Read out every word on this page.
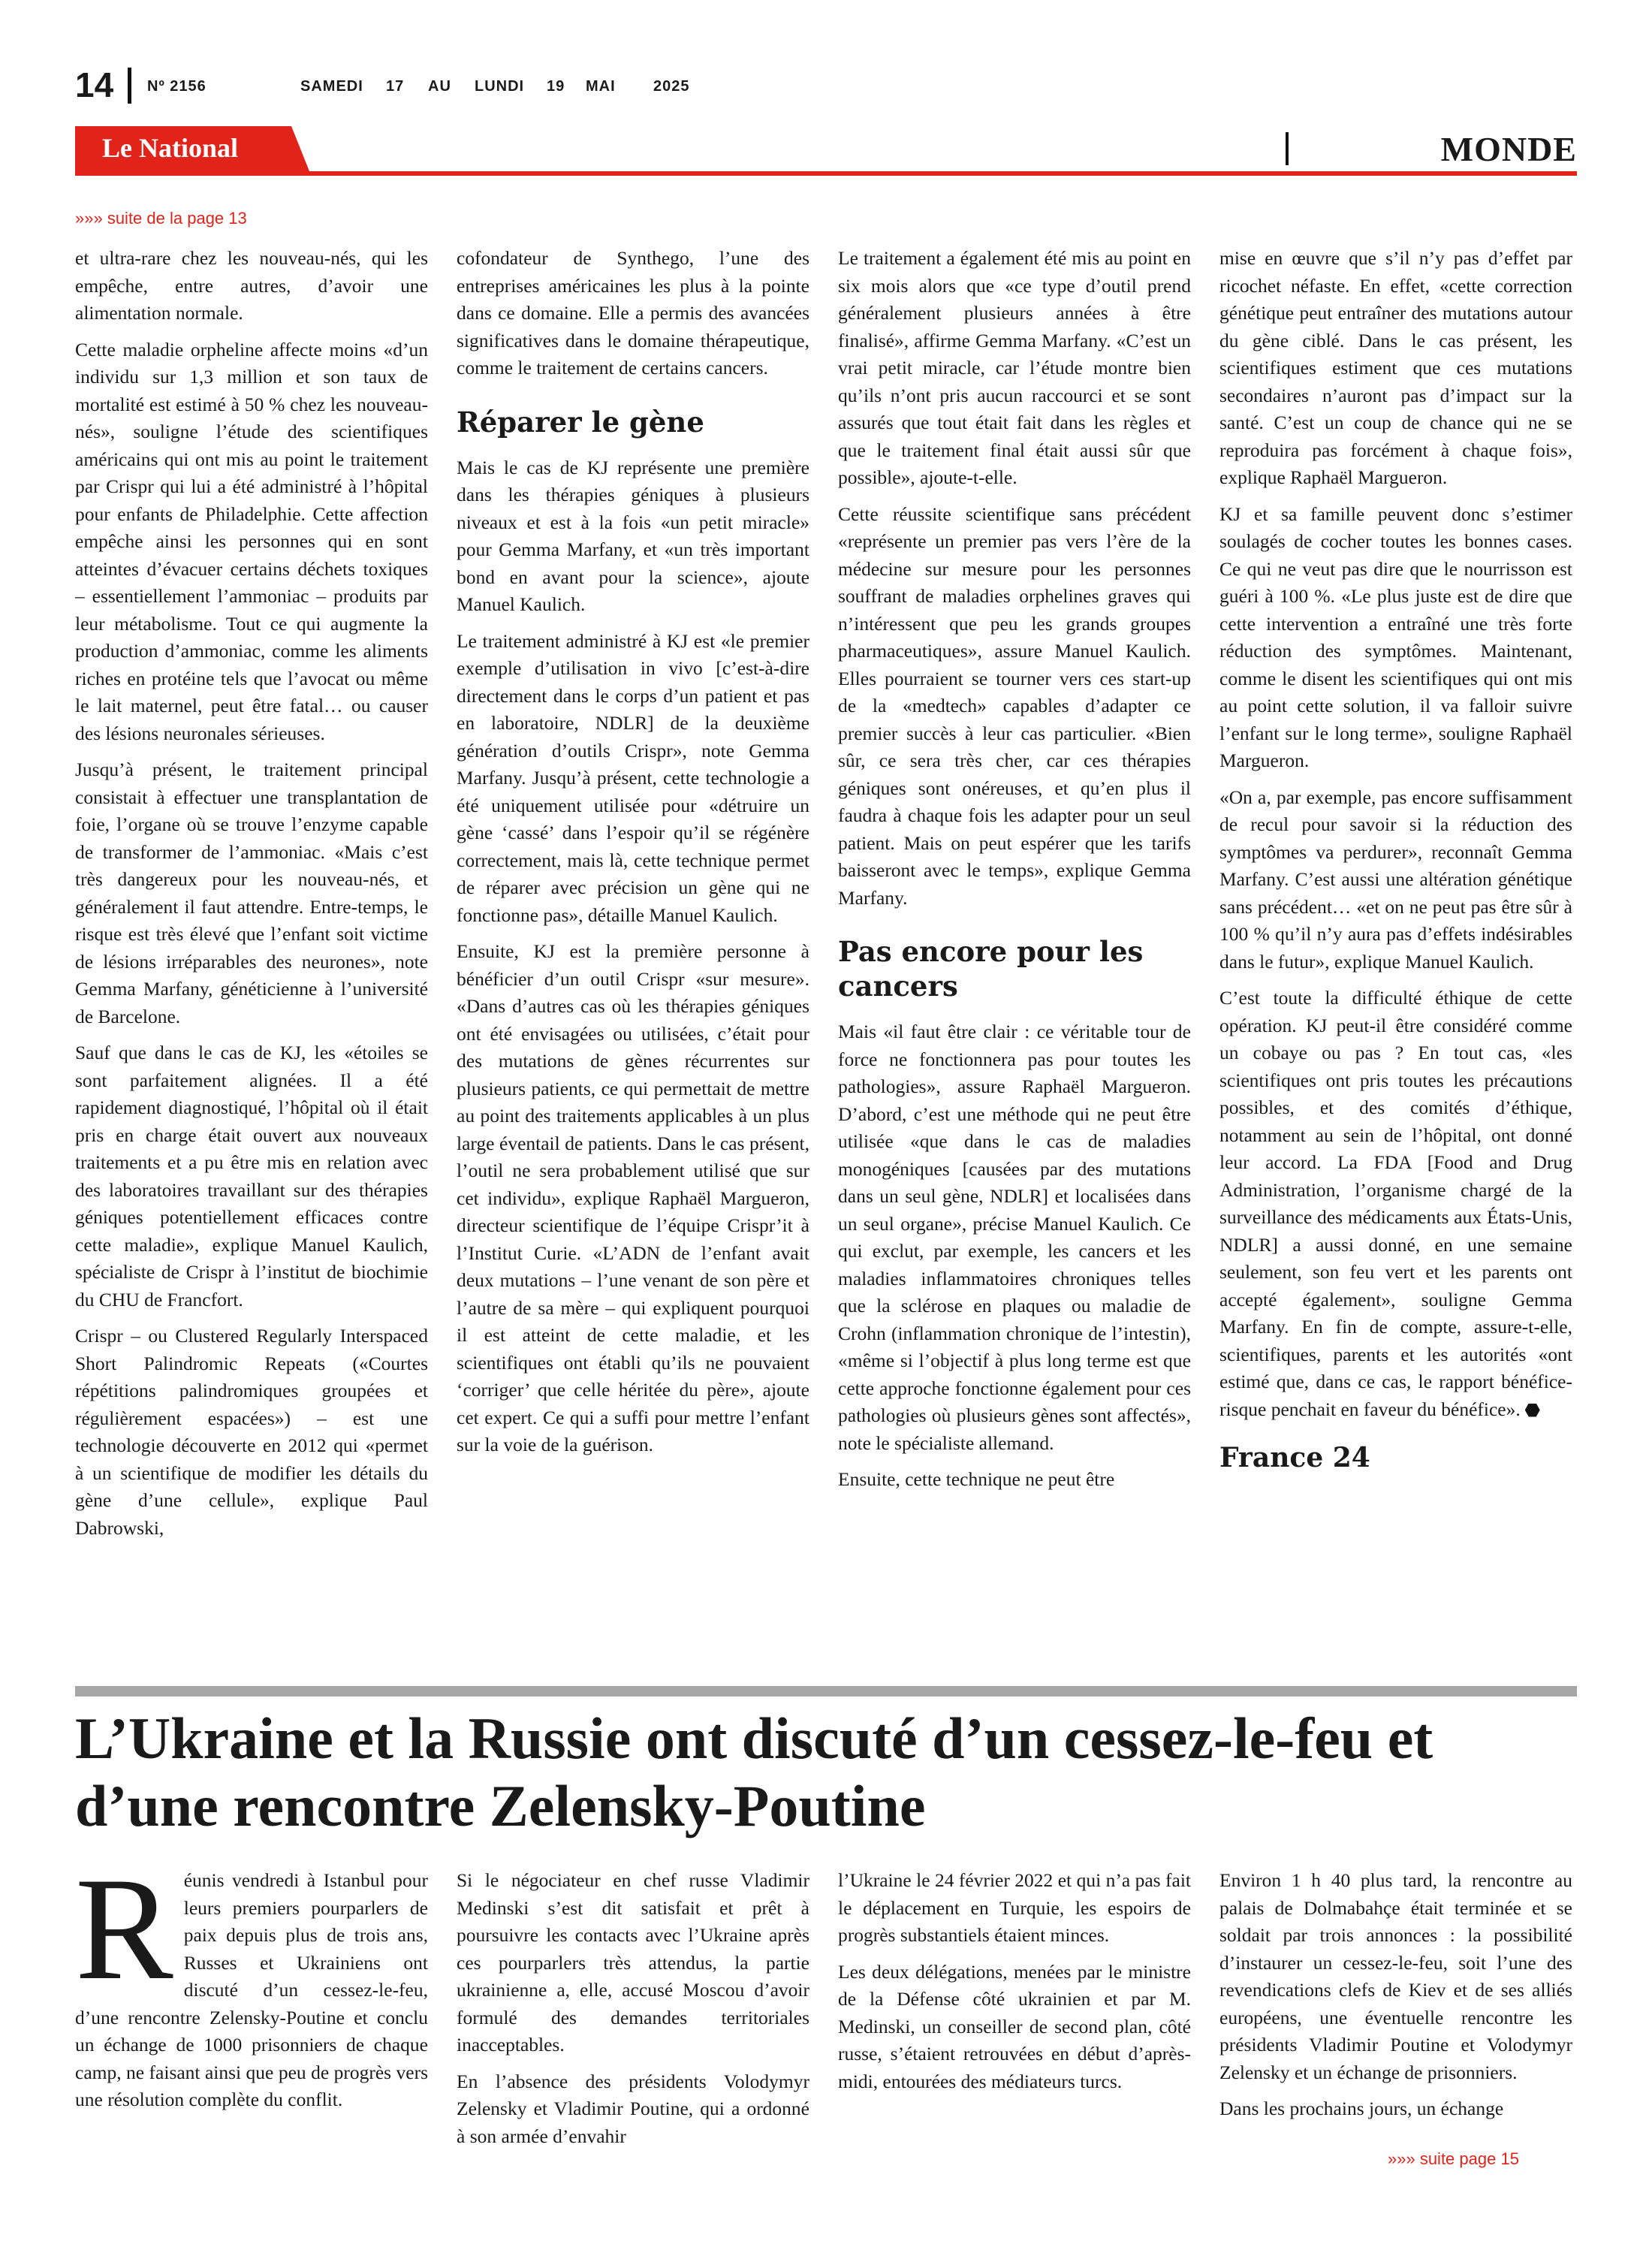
14 Nº 2156	SAMEDI 17 AU LUNDI 19 MAI	2025
Le National	MONDE
»»» suite de la page 13

et ultra-rare chez les nouveau-nés, qui les empêche, entre autres, d’avoir une alimentation normale.

Cette maladie orpheline affecte moins «d’un individu sur 1,3 million et son taux de mortalité est estimé à 50 % chez les nouveau-nés», souligne l’étude des scientifiques américains qui ont mis au point le traitement par Crispr qui lui a été administré à l’hôpital pour enfants de Philadelphie. Cette affection empêche ainsi les personnes qui en sont atteintes d’évacuer certains déchets toxiques – essentiellement l’ammoniac – produits par leur métabolisme. Tout ce qui augmente la production d’ammoniac, comme les aliments riches en protéine tels que l’avocat ou même le lait maternel, peut être fatal… ou causer des lésions neuronales sérieuses.

Jusqu’à présent, le traitement principal consistait à effectuer une transplantation de foie, l’organe où se trouve l’enzyme capable de transformer de l’ammoniac. «Mais c’est très dangereux pour les nouveau-nés, et généralement il faut attendre. Entre-temps, le risque est très élevé que l’enfant soit victime de lésions irréparables des neurones», note Gemma Marfany, généticienne à l’université de Barcelone.

Sauf que dans le cas de KJ, les «étoiles se sont parfaitement alignées. Il a été rapidement diagnostiqué, l’hôpital où il était pris en charge était ouvert aux nouveaux traitements et a pu être mis en relation avec des laboratoires travaillant sur des thérapies géniques potentiellement efficaces contre cette maladie», explique Manuel Kaulich, spécialiste de Crispr à l’institut de biochimie du CHU de Francfort.

Crispr – ou Clustered Regularly Interspaced Short Palindromic Repeats («Courtes répétitions palindromiques groupées et régulièrement espacées») – est une technologie découverte en 2012 qui «permet à un scientifique de modifier les détails du gène d’une cellule», explique Paul Dabrowski,

cofondateur de Synthego, l’une des entreprises américaines les plus à la pointe dans ce domaine. Elle a permis des avancées significatives dans le domaine thérapeutique, comme le traitement de certains cancers.

Réparer le gène

Mais le cas de KJ représente une première dans les thérapies géniques à plusieurs niveaux et est à la fois «un petit miracle» pour Gemma Marfany, et «un très important bond en avant pour la science», ajoute Manuel Kaulich.

Le traitement administré à KJ est «le premier exemple d’utilisation in vivo [c’est-à-dire directement dans le corps d’un patient et pas en laboratoire, NDLR] de la deuxième génération d’outils Crispr», note Gemma Marfany. Jusqu’à présent, cette technologie a été uniquement utilisée pour «détruire un gène ‘cassé’ dans l’espoir qu’il se régénère correctement, mais là, cette technique permet de réparer avec précision un gène qui ne fonctionne pas», détaille Manuel Kaulich.

Ensuite, KJ est la première personne à bénéficier d’un outil Crispr «sur mesure». «Dans d’autres cas où les thérapies géniques ont été envisagées ou utilisées, c’était pour des mutations de gènes récurrentes sur plusieurs patients, ce qui permettait de mettre au point des traitements applicables à un plus large éventail de patients. Dans le cas présent, l’outil ne sera probablement utilisé que sur cet individu», explique Raphaël Margueron, directeur scientifique de l’équipe Crispr’it à l’Institut Curie. «L’ADN de l’enfant avait deux mutations – l’une venant de son père et l’autre de sa mère – qui expliquent pourquoi il est atteint de cette maladie, et les scientifiques ont établi qu’ils ne pouvaient ‘corriger’ que celle héritée du père», ajoute cet expert. Ce qui a suffi pour mettre l’enfant sur la voie de la guérison.

Le traitement a également été mis au point en six mois alors que «ce type d’outil prend généralement plusieurs années à être finalisé», affirme Gemma Marfany. «C’est un vrai petit miracle, car l’étude montre bien qu’ils n’ont pris aucun raccourci et se sont assurés que tout était fait dans les règles et que le traitement final était aussi sûr que possible», ajoute-t-elle.

Cette réussite scientifique sans précédent «représente un premier pas vers l’ère de la médecine sur mesure pour les personnes souffrant de maladies orphelines graves qui n’intéressent que peu les grands groupes pharmaceutiques», assure Manuel Kaulich. Elles pourraient se tourner vers ces start-up de la «medtech» capables d’adapter ce premier succès à leur cas particulier. «Bien sûr, ce sera très cher, car ces thérapies géniques sont onéreuses, et qu’en plus il faudra à chaque fois les adapter pour un seul patient. Mais on peut espérer que les tarifs baisseront avec le temps», explique Gemma Marfany.

Pas encore pour les cancers

Mais «il faut être clair : ce véritable tour de force ne fonctionnera pas pour toutes les pathologies», assure Raphaël Margueron. D’abord, c’est une méthode qui ne peut être utilisée «que dans le cas de maladies monogéniques [causées par des mutations dans un seul gène, NDLR] et localisées dans un seul organe», précise Manuel Kaulich. Ce qui exclut, par exemple, les cancers et les maladies inflammatoires chroniques telles que la sclérose en plaques ou maladie de Crohn (inflammation chronique de l’intestin), «même si l’objectif à plus long terme est que cette approche fonctionne également pour ces pathologies où plusieurs gènes sont affectés», note le spécialiste allemand.

Ensuite, cette technique ne peut être

mise en œuvre que s’il n’y pas d’effet par ricochet néfaste. En effet, «cette correction génétique peut entraîner des mutations autour du gène ciblé. Dans le cas présent, les scientifiques estiment que ces mutations secondaires n’auront pas d’impact sur la santé. C’est un coup de chance qui ne se reproduira pas forcément à chaque fois», explique Raphaël Margueron.

KJ et sa famille peuvent donc s’estimer soulagés de cocher toutes les bonnes cases. Ce qui ne veut pas dire que le nourrisson est guéri à 100 %. «Le plus juste est de dire que cette intervention a entraîné une très forte réduction des symptômes. Maintenant, comme le disent les scientifiques qui ont mis au point cette solution, il va falloir suivre l’enfant sur le long terme», souligne Raphaël Margueron.

«On a, par exemple, pas encore suffisamment de recul pour savoir si la réduction des symptômes va perdurer», reconnaît Gemma Marfany. C’est aussi une altération génétique sans précédent… «et on ne peut pas être sûr à 100 % qu’il n’y aura pas d’effets indésirables dans le futur», explique Manuel Kaulich.

C’est toute la difficulté éthique de cette opération. KJ peut-il être considéré comme un cobaye ou pas ? En tout cas, «les scientifiques ont pris toutes les précautions possibles, et des comités d’éthique, notamment au sein de l’hôpital, ont donné leur accord. La FDA [Food and Drug Administration, l’organisme chargé de la surveillance des médicaments aux États-Unis, NDLR] a aussi donné, en une semaine seulement, son feu vert et les parents ont accepté également», souligne Gemma Marfany. En fin de compte, assure-t-elle, scientifiques, parents et les autorités «ont estimé que, dans ce cas, le rapport bénéfice-risque penchait en faveur du bénéfice».

France 24
L’Ukraine et la Russie ont discuté d’un cessez-le-feu et d’une rencontre Zelensky-Poutine

Réunis vendredi à Istanbul pour leurs premiers pourparlers de paix depuis plus de trois ans, Russes et Ukrainiens ont discuté d’un cessez-le-feu, d’une rencontre Zelensky-Poutine et conclu un échange de 1000 prisonniers de chaque camp, ne faisant ainsi que peu de progrès vers une résolution complète du conflit.

Si le négociateur en chef russe Vladimir Medinski s’est dit satisfait et prêt à poursuivre les contacts avec l’Ukraine après ces pourparlers très attendus, la partie ukrainienne a, elle, accusé Moscou d’avoir formulé des demandes territoriales inacceptables.

En l’absence des présidents Volodymyr Zelensky et Vladimir Poutine, qui a ordonné à son armée d’envahir

l’Ukraine le 24 février 2022 et qui n’a pas fait le déplacement en Turquie, les espoirs de progrès substantiels étaient minces.

Les deux délégations, menées par le ministre de la Défense côté ukrainien et par M. Medinski, un conseiller de second plan, côté russe, s’étaient retrouvées en début d’après-midi, entourées des médiateurs turcs.

Environ 1 h 40 plus tard, la rencontre au palais de Dolmabahçe était terminée et se soldait par trois annonces : la possibilité d’instaurer un cessez-le-feu, soit l’une des revendications clefs de Kiev et de ses alliés européens, une éventuelle rencontre les présidents Vladimir Poutine et Volodymyr Zelensky et un échange de prisonniers.

Dans les prochains jours, un échange

»»» suite page 15
